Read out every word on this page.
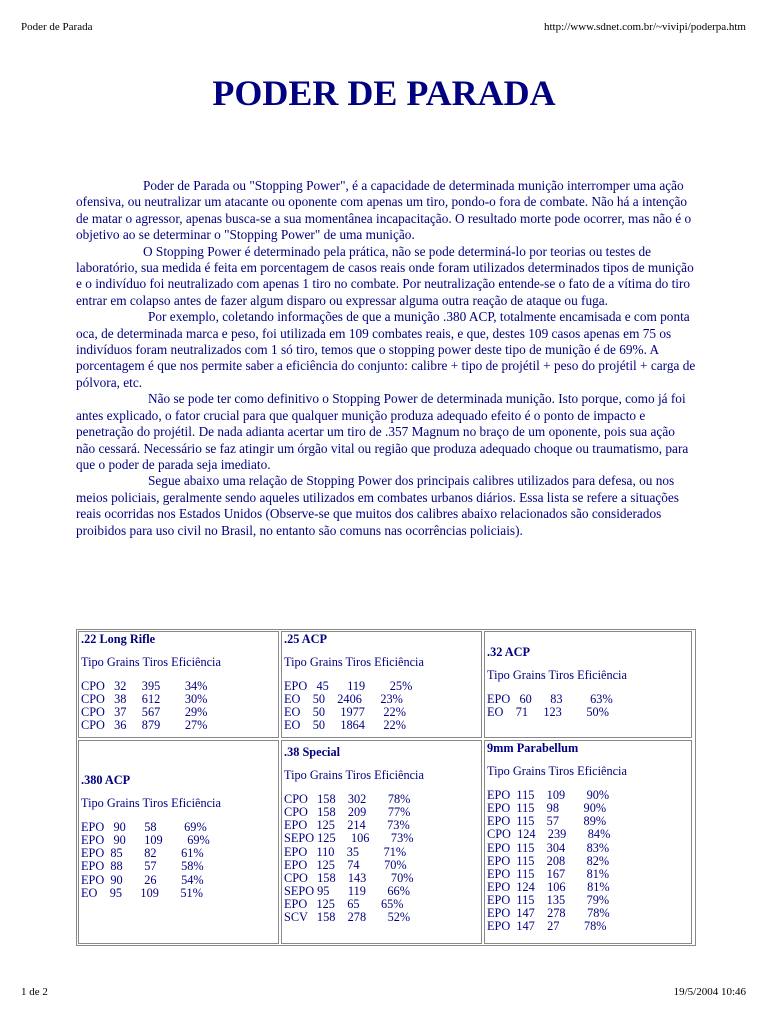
Poder de Parada	http://www.sdnet.com.br/~vivipi/poderpa.htm
PODER DE PARADA

Poder de Parada ou "Stopping Power", é a capacidade de determinada munição interromper uma ação ofensiva, ou neutralizar um atacante ou oponente com apenas um tiro, pondo-o fora de combate. Não há a intenção de matar o agressor, apenas busca-se a sua momentânea incapacitação. O resultado morte pode ocorrer, mas não é o objetivo ao se determinar o "Stopping Power" de uma munição.

O Stopping Power é determinado pela prática, não se pode determiná-lo por teorias ou testes de laboratório, sua medida é feita em porcentagem de casos reais onde foram utilizados determinados tipos de munição e o indivíduo foi neutralizado com apenas 1 tiro no combate. Por neutralização entende-se o fato de a vítima do tiro entrar em colapso antes de fazer algum disparo ou expressar alguma outra reação de ataque ou fuga.

Por exemplo, coletando informações de que a munição .380 ACP, totalmente encamisada e com ponta oca, de determinada marca e peso, foi utilizada em 109 combates reais, e que, destes 109 casos apenas em 75 os indivíduos foram neutralizados com 1 só tiro, temos que o stopping power deste tipo de munição é de 69%. A porcentagem é que nos permite saber a eficiência do conjunto: calibre + tipo de projétil + peso do projétil + carga de pólvora, etc.

Não se pode ter como definitivo o Stopping Power de determinada munição. Isto porque, como já foi antes explicado, o fator crucial para que qualquer munição produza adequado efeito é o ponto de impacto e penetração do projétil. De nada adianta acertar um tiro de .357 Magnum no braço de um oponente, pois sua ação não cessará. Necessário se faz atingir um órgão vital ou região que produza adequado choque ou traumatismo, para que o poder de parada seja imediato.

Segue abaixo uma relação de Stopping Power dos principais calibres utilizados para defesa, ou nos meios policiais, geralmente sendo aqueles utilizados em combates urbanos diários. Essa lista se refere a situações reais ocorridas nos Estados Unidos (Observe-se que muitos dos calibres abaixo relacionados são considerados proibidos para uso civil no Brasil, no entanto são comuns nas ocorrências policiais).

.22 Long Rifle
Tipo Grains Tiros Eficiência
CPO   32     395        34%
CPO   38     612        30%
CPO   37     567        29%
CPO   36     879        27%
.25 ACP
Tipo Grains Tiros Eficiência
EPO   45      119        25%
EO    50    2406      23%
EO    50     1977      22%
EO    50     1864      22%
.32 ACP
Tipo Grains Tiros Eficiência
EPO   60      83         63%
EO    71     123        50%
.380 ACP
Tipo Grains Tiros Eficiência
EPO   90      58         69%
EPO   90      109        69%
EPO  85       82        61%
EPO  88       57        58%
EPO  90       26        54%
EO    95      109       51%
.38 Special
Tipo Grains Tiros Eficiência
CPO   158    302       78%
CPO   158    209       77%
EPO   125    214       73%
SEPO 125     106       73%
EPO   110    35        71%
EPO   125    74        70%
CPO   158    143        70%
SEPO 95      119       66%
EPO   125    65       65%
SCV   158    278       52%
9mm Parabellum
Tipo Grains Tiros Eficiência
EPO  115    109       90%
EPO  115    98        90%
EPO  115    57        89%
CPO  124    239       84%
EPO  115    304       83%
EPO  115    208       82%
EPO  115    167       81%
EPO  124    106       81%
EPO  115    135       79%
EPO  147    278       78%
EPO  147    27        78%
1 de 2	19/5/2004 10:46
